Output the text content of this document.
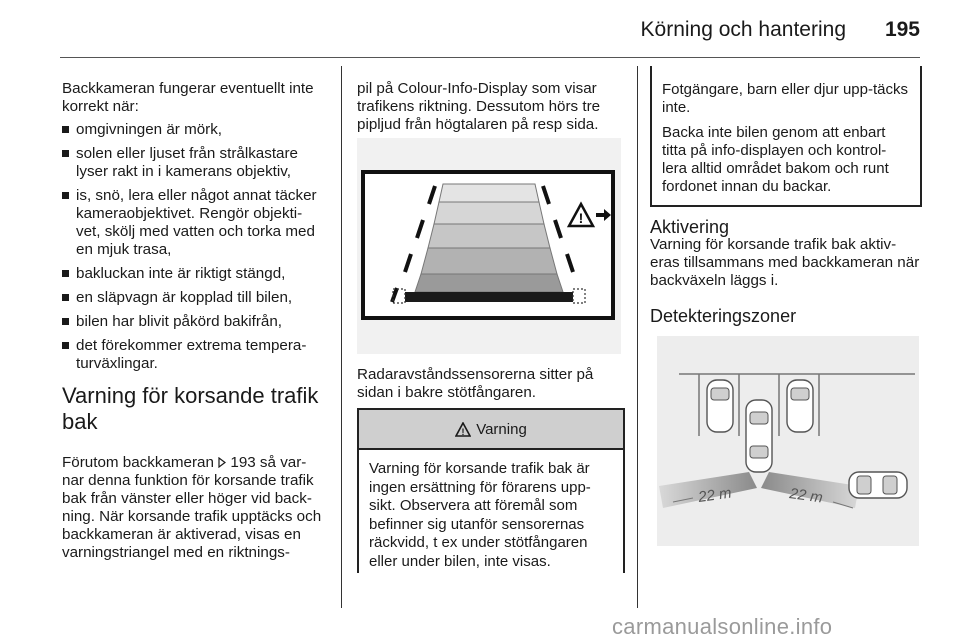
Körning och hantering	195

Backkameran fungerar eventuellt inte korrekt när:

omgivningen är mörk,
solen eller ljuset från strålkastare lyser rakt in i kamerans objektiv,
is, snö, lera eller något annat täcker kameraobjektivet. Rengör objekti-vet, skölj med vatten och torka med en mjuk trasa,
bakluckan inte är riktigt stängd,
en släpvagn är kopplad till bilen,
bilen har blivit påkörd bakifrån,
det förekommer extrema tempera-turväxlingar.
Varning för korsande trafik bak

Förutom backkameran  193 så var-nar denna funktion för korsande trafik bak från vänster eller höger vid back-ning. När korsande trafik upptäcks och backkameran är aktiverad, visas en varningstriangel med en riktnings-

pil på Colour-Info-Display som visar trafikens riktning. Dessutom hörs tre pipljud från högtalaren på resp sida.

!

Radaravståndssensorerna sitter på sidan i bakre stötfångaren.

! Varning
Varning för korsande trafik bak är ingen ersättning för förarens upp-sikt. Observera att föremål som befinner sig utanför sensorernas räckvidd, t ex under stötfångaren eller under bilen, inte visas.

Fotgängare, barn eller djur upp-täcks inte.

Backa inte bilen genom att enbart titta på info-displayen och kontrol-lera alltid området bakom och runt fordonet innan du backar.

Aktivering

Varning för korsande trafik bak aktiv-eras tillsammans med backkameran när backväxeln läggs i.

Detekteringszoner
22 m	22 m
carmanualsonline.info
